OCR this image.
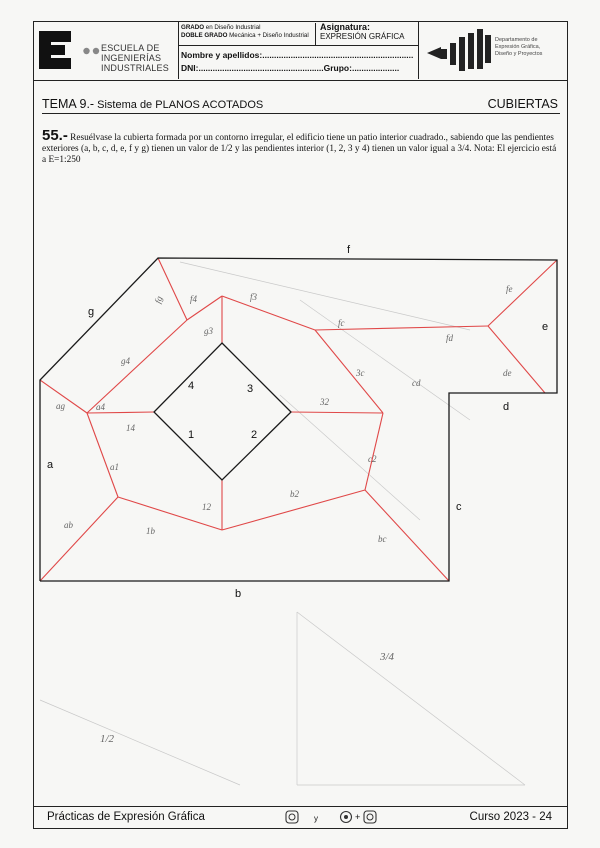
ESCUELA DE
INGENIERÍAS
INDUSTRIALES
GRADO en Diseño Industrial
DOBLE GRADO Mecánica + Diseño Industrial
Asignatura:
EXPRESIÓN GRÁFICA
Nombre y apellidos:................................................................
DNI:.....................................................Grupo:....................
Departamento de
Expresión Gráfica,
Diseño y Proyectos
TEMA 9.- Sistema de PLANOS ACOTADOS	CUBIERTAS
55.- Resuélvase la cubierta formada por un contorno irregular, el edificio tiene un patio interior cuadrado., sabiendo que las pendientes exteriores (a, b, c, d, e, f y g) tienen un valor de 1/2 y las pendientes interior (1, 2, 3 y 4) tienen un valor igual a 3/4. Nota: El ejercicio está a E=1:250
a
b
c
d
e
f
g
1	2
3
4
fg	f4	f3
fc
fd
fe
de
g3
g4
ag	a4
14
a1
ab
1b
12
b2
bc
c2
32
3c
cd
3/4
1/2
Prácticas de Expresión Gráfica	y	+	Curso 2023 - 24
